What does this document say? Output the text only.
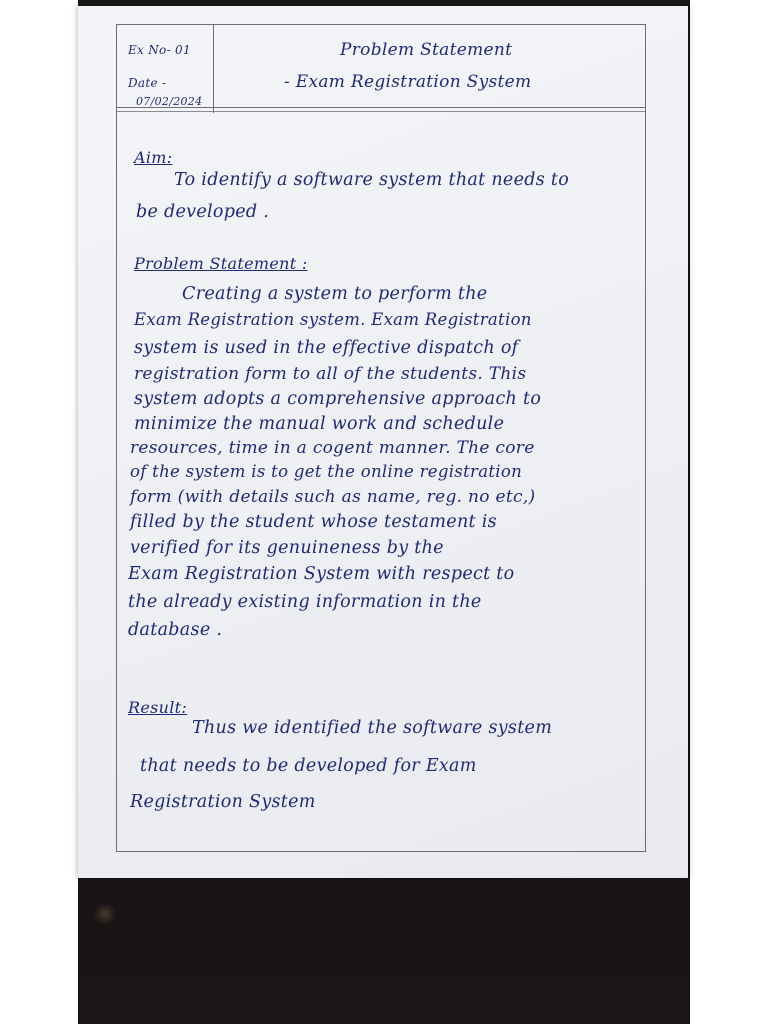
Ex No- 01
Date -
07/02/2024
Problem Statement
- Exam Registration System
Aim:
To identify a software system that needs to
be developed .
Problem Statement :
Creating a system to perform the
Exam Registration system. Exam Registration
system is used in the effective dispatch of
registration form to all of the students. This
system adopts a comprehensive approach to
minimize the manual work and schedule
resources, time in a cogent manner. The core
of the system is to get the online registration
form (with details such as name, reg. no etc,)
filled by the student whose testament is
verified for its genuineness by the
Exam Registration System with respect to
the already existing information in the
database .
Result:
Thus we identified the software system
that needs to be developed for Exam
Registration System
